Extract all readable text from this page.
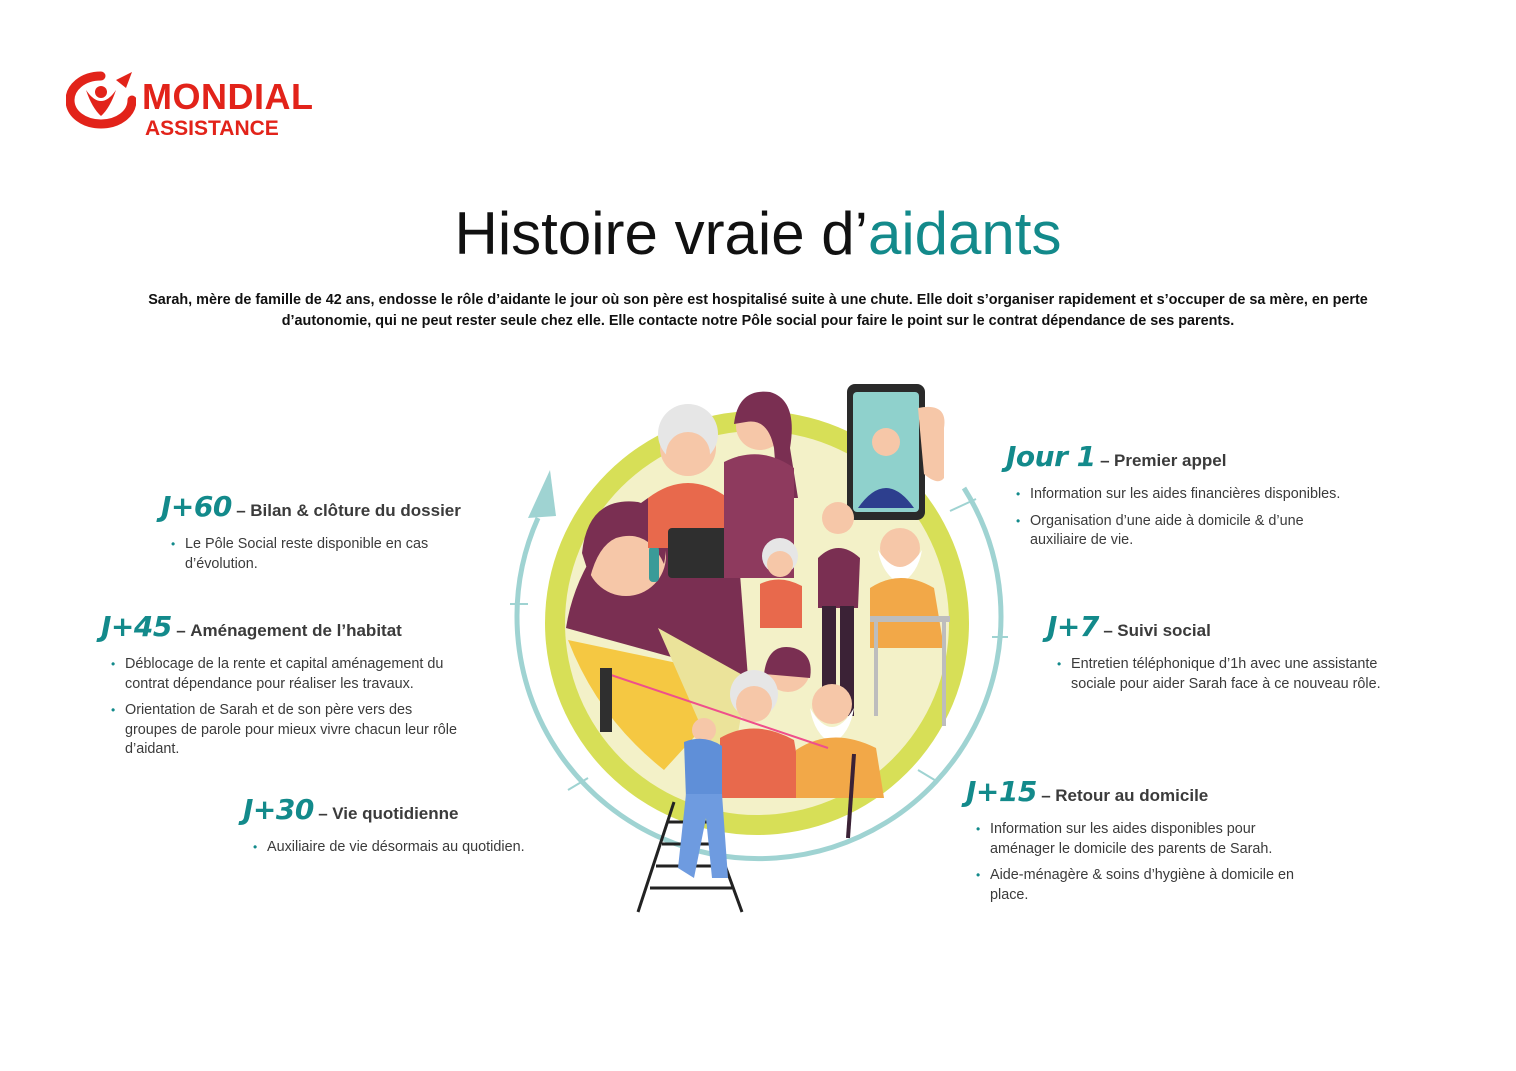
MONDIAL
ASSISTANCE
Histoire vraie d’aidants
Sarah, mère de famille de 42 ans, endosse le rôle d’aidante le jour où son père est hospitalisé suite à une chute. Elle doit s’organiser rapidement et s’occuper de sa mère, en perte d’autonomie, qui ne peut rester seule chez elle. Elle contacte notre Pôle social pour faire le point sur le contrat dépendance de ses parents.
Jour 1 – Premier appel
• Information sur les aides financières disponibles.
• Organisation d’une aide à domicile & d’une auxiliaire de vie.
J+7 – Suivi social
• Entretien téléphonique d’1h avec une assistante sociale pour aider Sarah face à ce nouveau rôle.
J+15 – Retour au domicile
• Information sur les aides disponibles pour aménager le domicile des parents de Sarah.
• Aide-ménagère & soins d’hygiène à domicile en place.
J+30 – Vie quotidienne
• Auxiliaire de vie désormais au quotidien.
J+45 – Aménagement de l’habitat
• Déblocage de la rente et capital aménagement du contrat dépendance pour réaliser les travaux.
• Orientation de Sarah et de son père vers des groupes de parole pour mieux vivre chacun leur rôle d’aidant.
J+60 – Bilan & clôture du dossier
• Le Pôle Social reste disponible en cas d’évolution.
